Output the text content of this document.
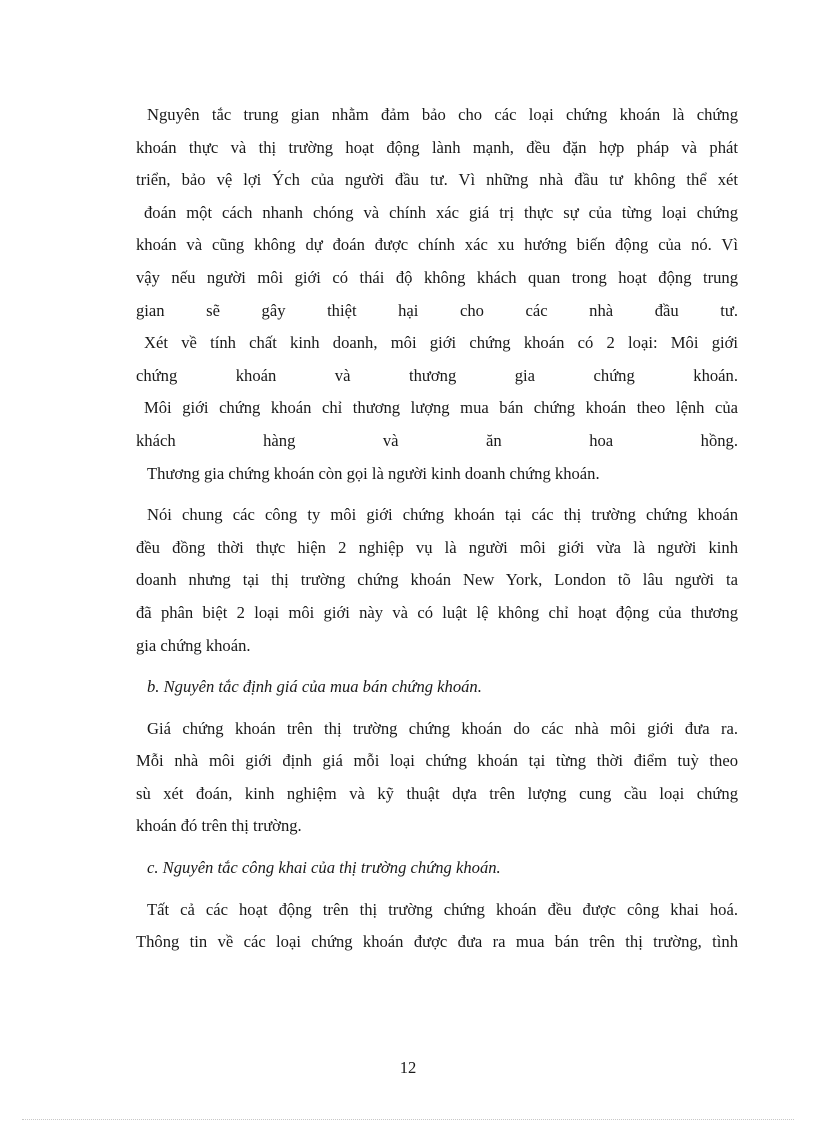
Nguyên tắc trung gian nhằm đảm bảo cho các loại chứng khoán là chứng
khoán thực và thị trường hoạt động lành mạnh, đều đặn hợp pháp và phát
triển, bảo vệ lợi Ých của người đầu tư. Vì những nhà đầu tư không thể xét
đoán một cách nhanh chóng và chính xác giá trị thực sự của từng loại chứng
khoán và cũng không dự đoán được chính xác xu hướng biến động của nó. Vì
vậy nếu người môi giới có thái độ không khách quan trong hoạt động trung
gian sẽ gây thiệt hại cho các nhà đầu tư.
Xét về tính chất kinh doanh, môi giới chứng khoán có 2 loại: Môi giới
chứng khoán và thương gia chứng khoán.
Môi giới chứng khoán chỉ thương lượng mua bán chứng khoán theo lệnh của
khách hàng và ăn hoa hồng.
Thương gia chứng khoán còn gọi là người kinh doanh chứng khoán.
Nói chung các công ty môi giới chứng khoán tại các thị trường chứng khoán
đều đồng thời thực hiện 2 nghiệp vụ là người môi giới vừa là người kinh
doanh nhưng tại thị trường chứng khoán New York, London tõ lâu người ta
đã phân biệt 2 loại môi giới này và có luật lệ không chỉ hoạt động của thương
gia chứng khoán.
b. Nguyên tắc định giá của mua bán chứng khoán.
Giá chứng khoán trên thị trường chứng khoán do các nhà môi giới đưa ra.
Mỗi nhà môi giới định giá mỗi loại chứng khoán tại từng thời điểm tuỳ theo
sù xét đoán, kinh nghiệm và kỹ thuật dựa trên lượng cung cầu loại chứng
khoán đó trên thị trường.
c. Nguyên tắc công khai của thị trường chứng khoán.
Tất cả các hoạt động trên thị trường chứng khoán đều được công khai hoá.
Thông tin về các loại chứng khoán được đưa ra mua bán trên thị trường, tình
12
